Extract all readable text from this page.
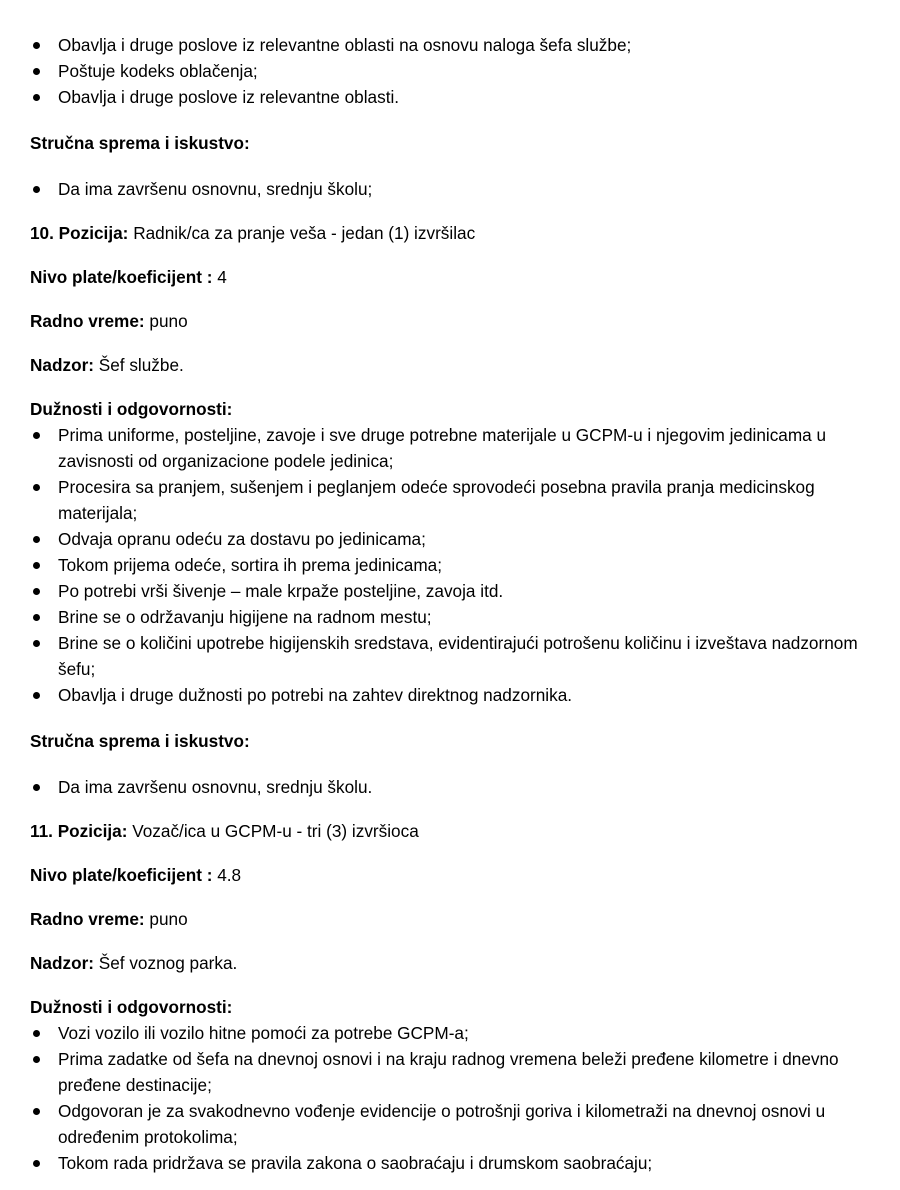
Obavlja i druge poslove iz relevantne oblasti na osnovu naloga šefa službe;
Poštuje kodeks oblačenja;
Obavlja i druge poslove iz relevantne oblasti.

Stručna sprema i iskustvo:

Da ima završenu osnovnu, srednju školu;

10. Pozicija: Radnik/ca za pranje veša - jedan (1) izvršilac

Nivo plate/koeficijent : 4

Radno vreme: puno

Nadzor: Šef službe.

Dužnosti i odgovornosti:

Prima uniforme, posteljine, zavoje i sve druge potrebne materijale u GCPM-u i njegovim jedinicama u zavisnosti od organizacione podele jedinica;
Procesira sa pranjem, sušenjem i peglanjem odeće sprovodeći posebna pravila pranja medicinskog materijala;
Odvaja opranu odeću za dostavu po jedinicama;
Tokom prijema odeće, sortira ih prema jedinicama;
Po potrebi vrši šivenje – male krpaže posteljine, zavoja itd.
Brine se o održavanju higijene na radnom mestu;
Brine se o količini upotrebe higijenskih sredstava, evidentirajući potrošenu količinu i izveštava nadzornom šefu;
Obavlja i druge dužnosti po potrebi na zahtev direktnog nadzornika.

Stručna sprema i iskustvo:

Da ima završenu osnovnu, srednju školu.

11. Pozicija: Vozač/ica u GCPM-u - tri (3) izvršioca

Nivo plate/koeficijent : 4.8

Radno vreme: puno

Nadzor: Šef voznog parka.

Dužnosti i odgovornosti:

Vozi vozilo ili vozilo hitne pomoći za potrebe GCPM-a;
Prima zadatke od šefa na dnevnoj osnovi i na kraju radnog vremena beleži pređene kilometre i dnevno pređene destinacije;
Odgovoran je za svakodnevno vođenje evidencije o potrošnji goriva i kilometraži na dnevnoj osnovi u određenim protokolima;
Tokom rada pridržava se pravila zakona o saobraćaju i drumskom saobraćaju;
